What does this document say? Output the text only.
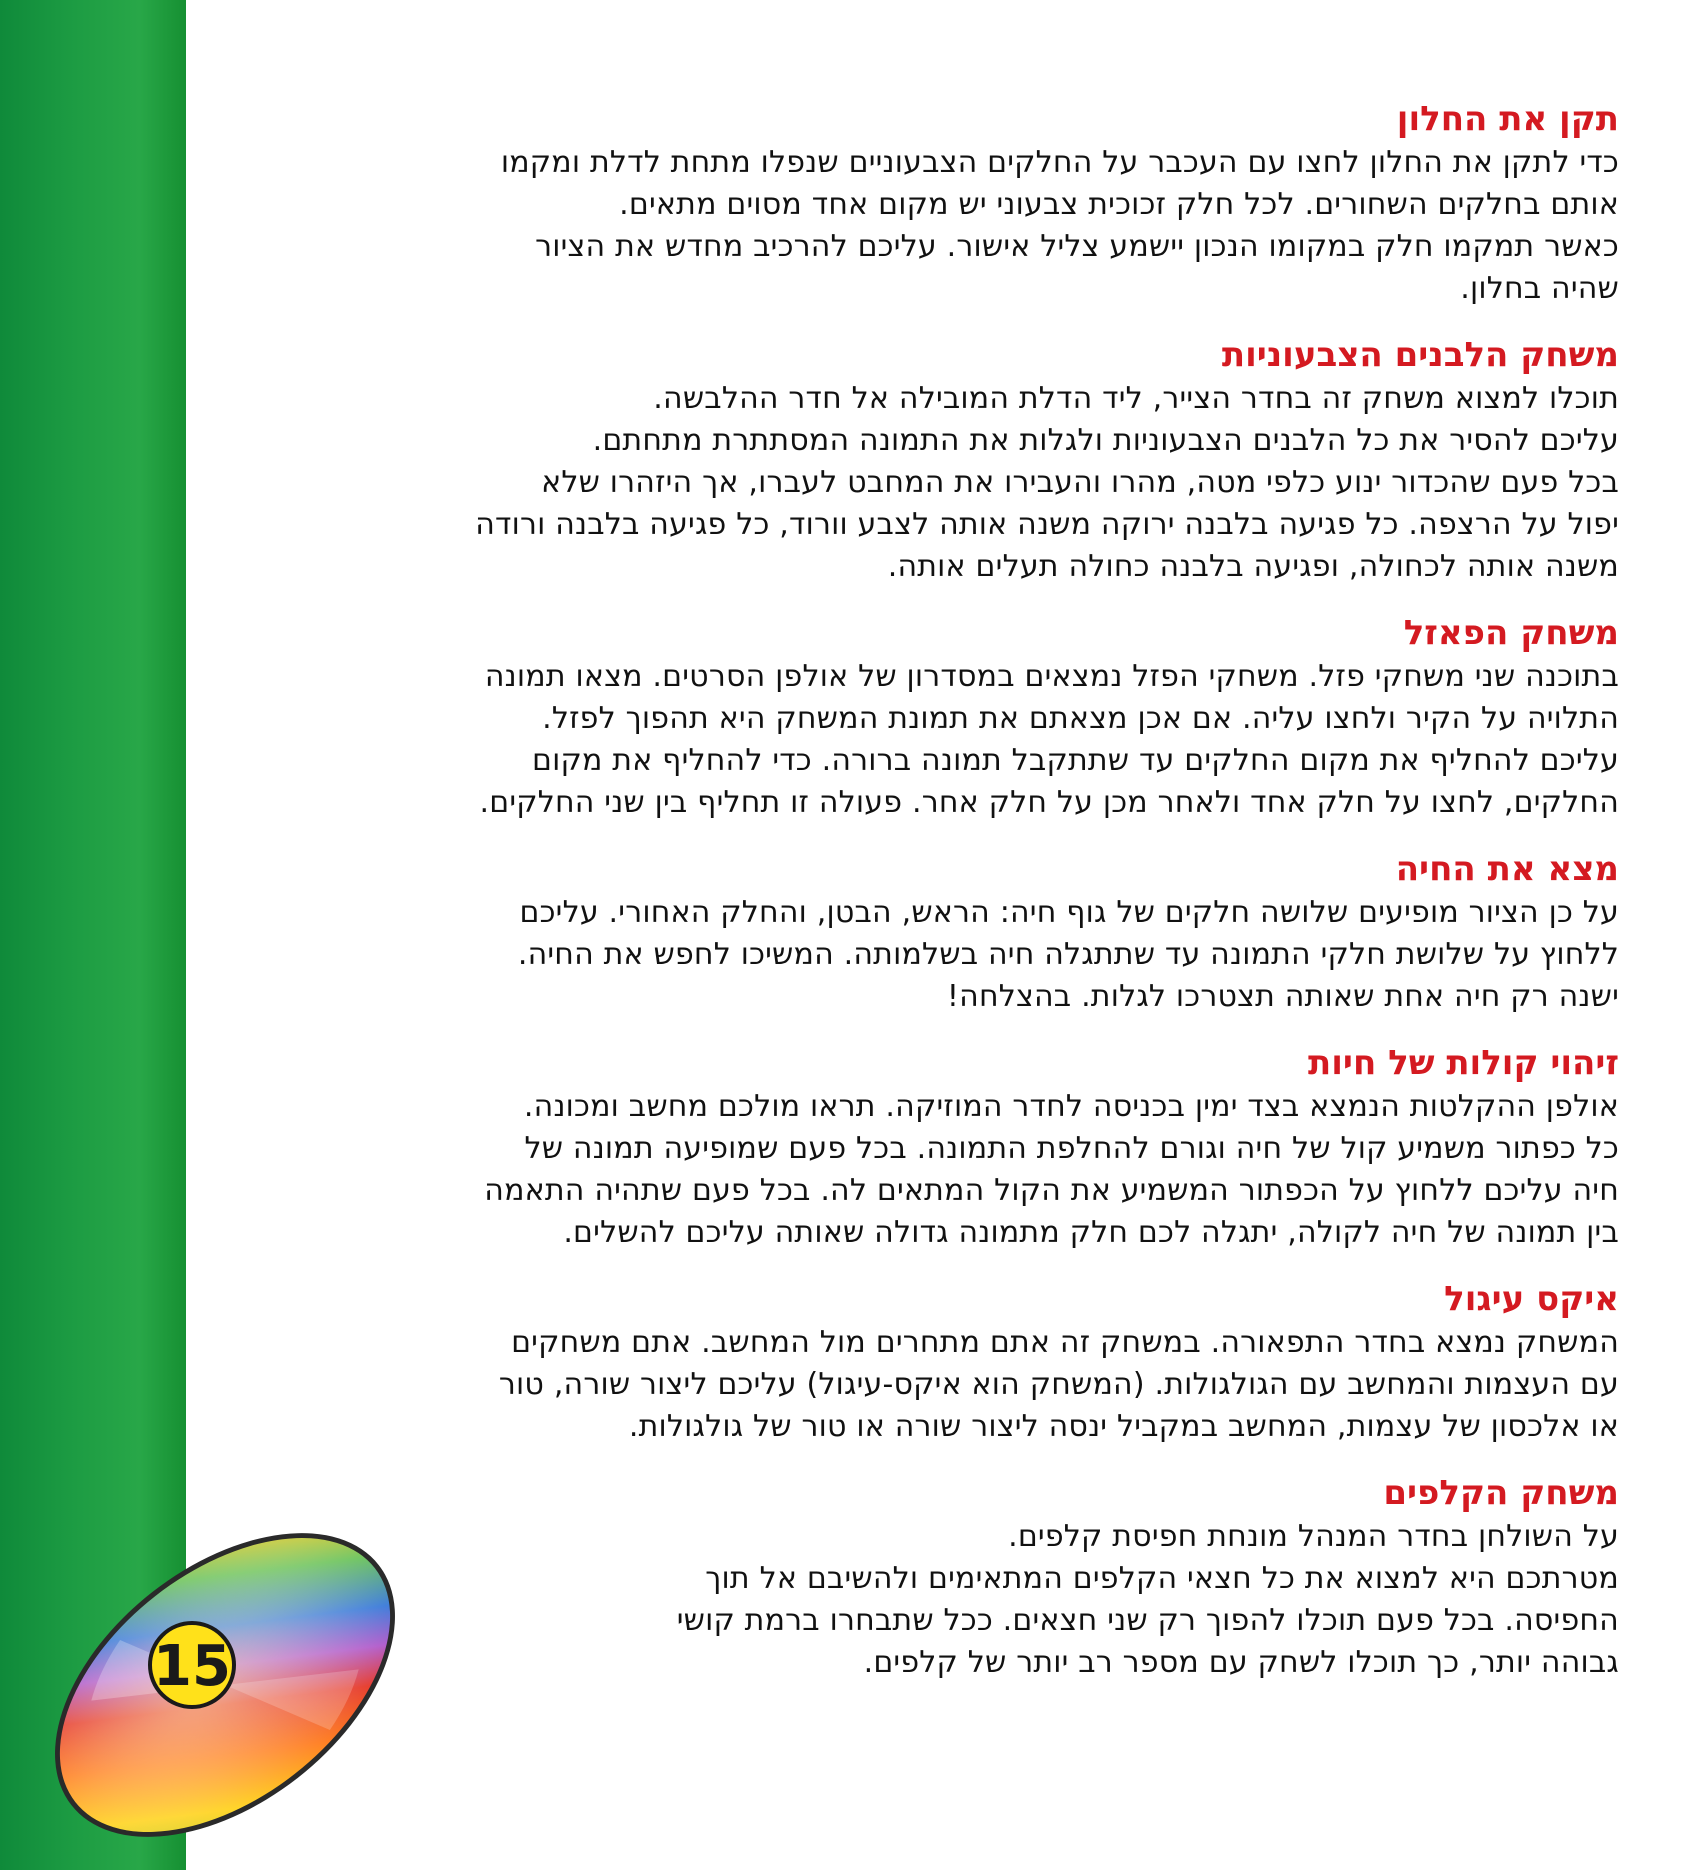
15
תקן את החלון

כדי לתקן את החלון לחצו עם העכבר על החלקים הצבעוניים שנפלו מתחת לדלת ומקמו
אותם בחלקים השחורים. לכל חלק זכוכית צבעוני יש מקום אחד מסוים מתאים.
כאשר תמקמו חלק במקומו הנכון יישמע צליל אישור. עליכם להרכיב מחדש את הציור
שהיה בחלון.

משחק הלבנים הצבעוניות

תוכלו למצוא משחק זה בחדר הצייר, ליד הדלת המובילה אל חדר ההלבשה.
עליכם להסיר את כל הלבנים הצבעוניות ולגלות את התמונה המסתתרת מתחתם.
בכל פעם שהכדור ינוע כלפי מטה, מהרו והעבירו את המחבט לעברו, אך היזהרו שלא
יפול על הרצפה. כל פגיעה בלבנה ירוקה משנה אותה לצבע וורוד, כל פגיעה בלבנה ורודה
משנה אותה לכחולה, ופגיעה בלבנה כחולה תעלים אותה.

משחק הפאזל

בתוכנה שני משחקי פזל. משחקי הפזל נמצאים במסדרון של אולפן הסרטים. מצאו תמונה
התלויה על הקיר ולחצו עליה. אם אכן מצאתם את תמונת המשחק היא תהפוך לפזל.
עליכם להחליף את מקום החלקים עד שתתקבל תמונה ברורה. כדי להחליף את מקום
החלקים, לחצו על חלק אחד ולאחר מכן על חלק אחר. פעולה זו תחליף בין שני החלקים.

מצא את החיה

על כן הציור מופיעים שלושה חלקים של גוף חיה: הראש, הבטן, והחלק האחורי. עליכם
ללחוץ על שלושת חלקי התמונה עד שתתגלה חיה בשלמותה. המשיכו לחפש את החיה.
ישנה רק חיה אחת שאותה תצטרכו לגלות. בהצלחה!

זיהוי קולות של חיות

אולפן ההקלטות הנמצא בצד ימין בכניסה לחדר המוזיקה. תראו מולכם מחשב ומכונה.
כל כפתור משמיע קול של חיה וגורם להחלפת התמונה. בכל פעם שמופיעה תמונה של
חיה עליכם ללחוץ על הכפתור המשמיע את הקול המתאים לה. בכל פעם שתהיה התאמה
בין תמונה של חיה לקולה, יתגלה לכם חלק מתמונה גדולה שאותה עליכם להשלים.

איקס עיגול

המשחק נמצא בחדר התפאורה. במשחק זה אתם מתחרים מול המחשב. אתם משחקים
עם העצמות והמחשב עם הגולגולות. (המשחק הוא איקס-עיגול) עליכם ליצור שורה, טור
או אלכסון של עצמות, המחשב במקביל ינסה ליצור שורה או טור של גולגולות.

משחק הקלפים

על השולחן בחדר המנהל מונחת חפיסת קלפים.
מטרתכם היא למצוא את כל חצאי הקלפים המתאימים ולהשיבם אל תוך
החפיסה. בכל פעם תוכלו להפוך רק שני חצאים. ככל שתבחרו ברמת קושי
גבוהה יותר, כך תוכלו לשחק עם מספר רב יותר של קלפים.
